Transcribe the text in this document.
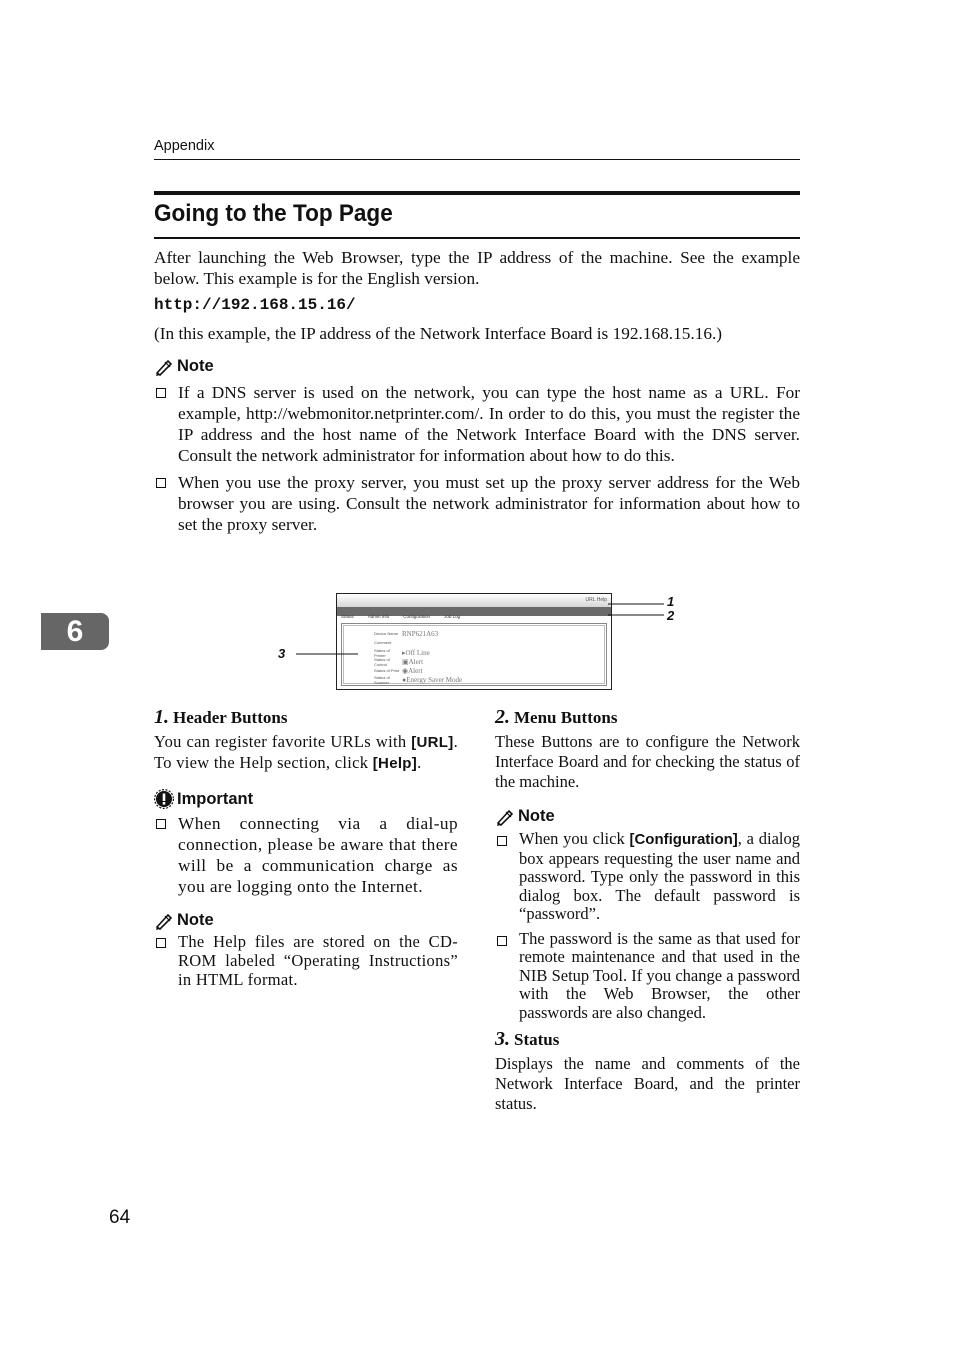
Appendix
6
Going to the Top Page
After launching the Web Browser, type the IP address of the machine. See the example below. This example is for the English version.
http://192.168.15.16/
(In this example, the IP address of the Network Interface Board is 192.168.15.16.)
Note
If a DNS server is used on the network, you can type the host name as a URL. For example, http://webmonitor.netprinter.com/. In order to do this, you must the register the IP address and the host name of the Network Interface Board with the DNS server. Consult the network administrator for information about how to do this.
When you use the proxy server, you must set up the proxy server address for the Web browser you are using. Consult the network administrator for information about how to set the proxy server.
URL Help
Status	Admin Info	Configuration	Job Log
Device Name RNP621A63
Comment
Status of Printer	▸Off Line
Status of Control	▣Alert
Status of Print ◉Alert
Status of Scanner	●Energy Saver Mode
1
2
3
1. Header Buttons
You can register favorite URLs with [URL]. To view the Help section, click [Help].
Important
When connecting via a dial-up connection, please be aware that there will be a communication charge as you are logging onto the Internet.
Note
The Help files are stored on the CD-ROM labeled “Operating Instructions” in HTML format.
2. Menu Buttons
These Buttons are to configure the Network Interface Board and for checking the status of the machine.
Note
When you click [Configuration], a dialog box appears requesting the user name and password. Type only the password in this dialog box. The default password is “password”.
The password is the same as that used for remote maintenance and that used in the NIB Setup Tool. If you change a password with the Web Browser, the other passwords are also changed.
3. Status
Displays the name and comments of the Network Interface Board, and the printer status.
64
